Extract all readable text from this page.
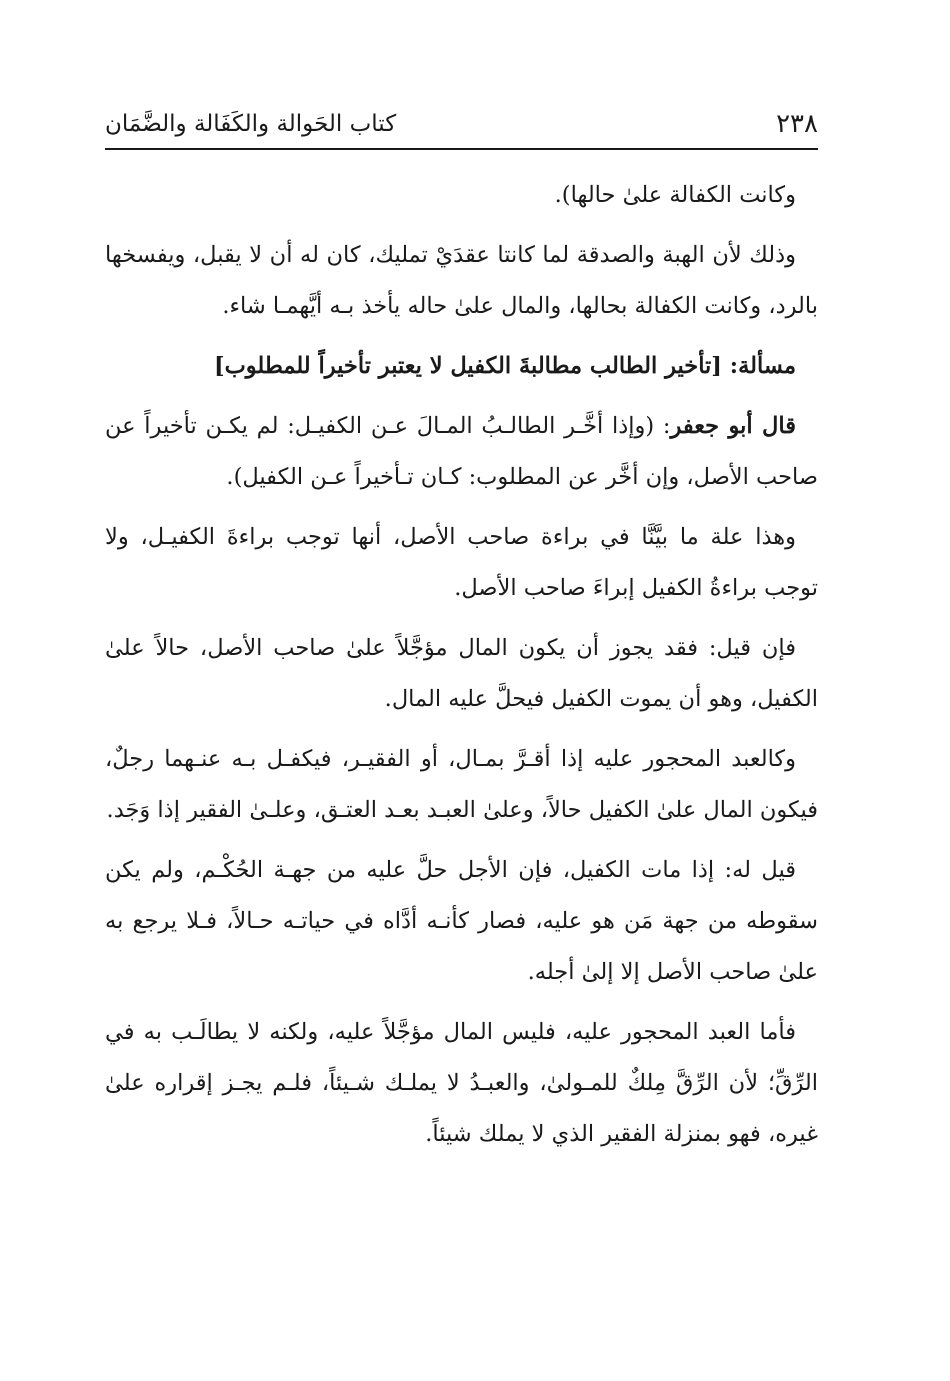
٢٣٨
كتاب الحَوالة والكَفَالة والضَّمَان

وكانت الكفالة علىٰ حالها).

وذلك لأن الهبة والصدقة لما كانتا عقدَيْ تمليك، كان له أن لا يقبل، ويفسخها بالرد، وكانت الكفالة بحالها، والمال علىٰ حاله يأخذ بـه أيَّهمـا شاء.

مسألة: [تأخير الطالب مطالبةَ الكفيل لا يعتبر تأخيراً للمطلوب]

قال أبو جعفر: (وإذا أخَّـر الطالـبُ المـالَ عـن الكفيـل: لم يكـن تأخيراً عن صاحب الأصل، وإن أخَّر عن المطلوب: كـان تـأخيراً عـن الكفيل).

وهذا علة ما بيَّنَّا في براءة صاحب الأصل، أنها توجب براءةَ الكفيـل، ولا توجب براءةُ الكفيل إبراءَ صاحب الأصل.

فإن قيل: فقد يجوز أن يكون المال مؤجَّلاً علىٰ صاحب الأصل، حالاً علىٰ الكفيل، وهو أن يموت الكفيل فيحلَّ عليه المال.

وكالعبد المحجور عليه إذا أقـرَّ بمـال، أو الفقيـر، فيكفـل بـه عنـهما رجلٌ، فيكون المال علىٰ الكفيل حالاً، وعلىٰ العبـد بعـد العتـق، وعلـىٰ الفقير إذا وَجَد.

قيل له: إذا مات الكفيل، فإن الأجل حلَّ عليه من جهـة الحُكْـم، ولم يكن سقوطه من جهة مَن هو عليه، فصار كأنـه أدَّاه في حياتـه حـالاً، فـلا يرجع به علىٰ صاحب الأصل إلا إلىٰ أجله.

فأما العبد المحجور عليه، فليس المال مؤجَّلاً عليه، ولكنه لا يطالَـب به في الرِّقِّ؛ لأن الرِّقَّ مِلكٌ للمـولىٰ، والعبـدُ لا يملـك شـيئاً، فلـم يجـز إقراره علىٰ غيره، فهو بمنزلة الفقير الذي لا يملك شيئاً.
